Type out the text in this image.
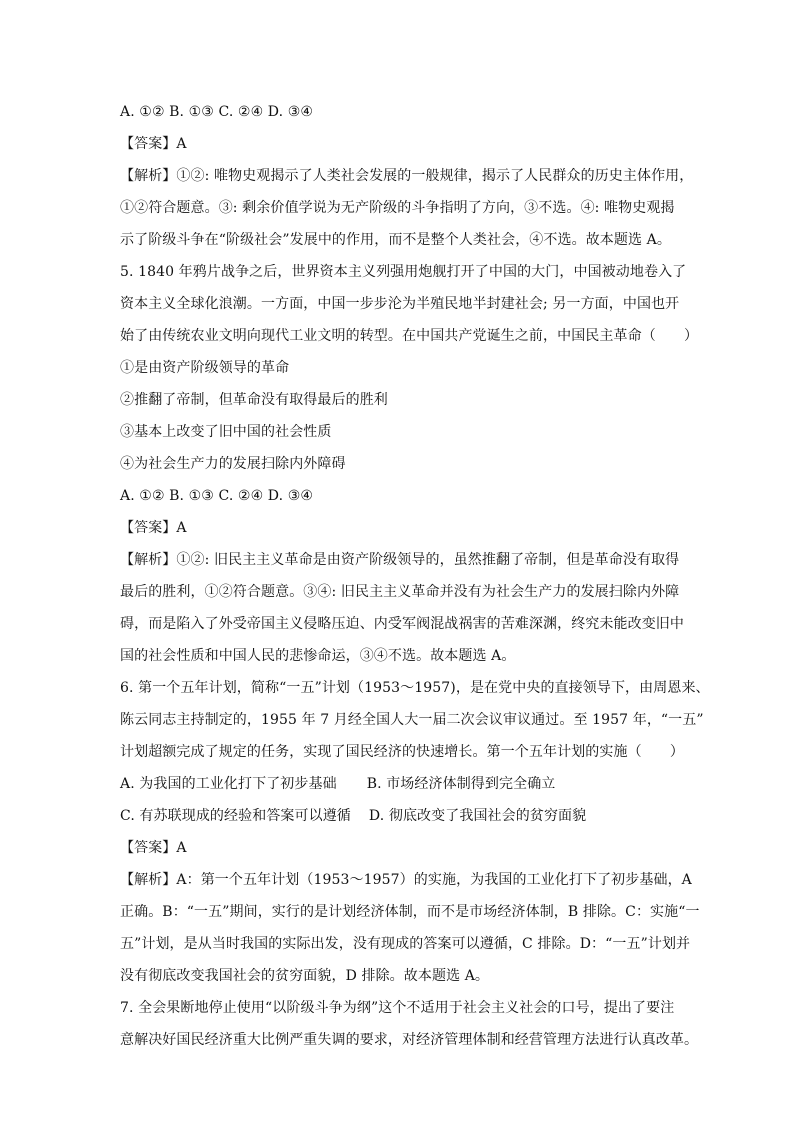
A. ①② B. ①③ C. ②④ D. ③④
【答案】A
【解析】①②: 唯物史观揭示了人类社会发展的一般规律，揭示了人民群众的历史主体作用，
①②符合题意。③: 剩余价值学说为无产阶级的斗争指明了方向，③不选。④: 唯物史观揭
示了阶级斗争在“阶级社会”发展中的作用，而不是整个人类社会，④不选。故本题选 A。
5. 1840 年鸦片战争之后，世界资本主义列强用炮舰打开了中国的大门，中国被动地卷入了
资本主义全球化浪潮。一方面，中国一步步沦为半殖民地半封建社会; 另一方面，中国也开
始了由传统农业文明向现代工业文明的转型。在中国共产党诞生之前，中国民主革命（　　）
①是由资产阶级领导的革命
②推翻了帝制，但革命没有取得最后的胜利
③基本上改变了旧中国的社会性质
④为社会生产力的发展扫除内外障碍
A. ①② B. ①③ C. ②④ D. ③④
【答案】A
【解析】①②: 旧民主主义革命是由资产阶级领导的，虽然推翻了帝制，但是革命没有取得
最后的胜利，①②符合题意。③④: 旧民主主义革命并没有为社会生产力的发展扫除内外障
碍，而是陷入了外受帝国主义侵略压迫、内受军阀混战祸害的苦难深渊，终究未能改变旧中
国的社会性质和中国人民的悲惨命运，③④不选。故本题选 A。
6. 第一个五年计划，简称“一五”计划（1953～1957)，是在党中央的直接领导下，由周恩来、
陈云同志主持制定的，1955 年 7 月经全国人大一届二次会议审议通过。至 1957 年，“一五”
计划超额完成了规定的任务，实现了国民经济的快速增长。第一个五年计划的实施（　　）
A. 为我国的工业化打下了初步基础 B. 市场经济体制得到完全确立
C. 有苏联现成的经验和答案可以遵循 D. 彻底改变了我国社会的贫穷面貌
【答案】A
【解析】A：第一个五年计划（1953～1957）的实施，为我国的工业化打下了初步基础，A
正确。B：“一五”期间，实行的是计划经济体制，而不是市场经济体制，B 排除。C：实施“一
五”计划，是从当时我国的实际出发，没有现成的答案可以遵循，C 排除。D：“一五”计划并
没有彻底改变我国社会的贫穷面貌，D 排除。故本题选 A。
7. 全会果断地停止使用“以阶级斗争为纲”这个不适用于社会主义社会的口号，提出了要注
意解决好国民经济重大比例严重失调的要求，对经济管理体制和经营管理方法进行认真改革。
